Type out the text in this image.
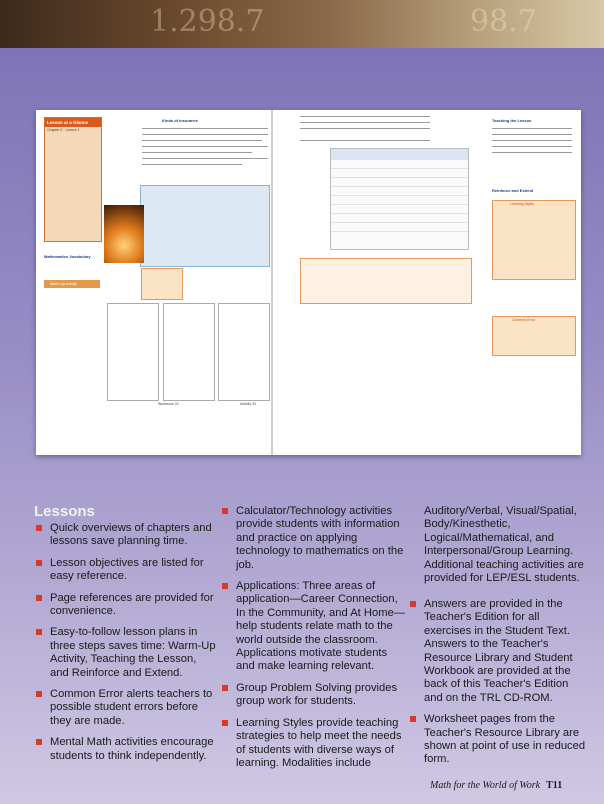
1.298.7	98.7
Lesson at a Glance
Chapter 9 · Lesson 1
Mathematics Vocabulary
Warm-Up Activity
Kinds of Insurance
Workbook 32	Activity 33
Teaching the Lesson
Reinforce and Extend
Learning Styles
Common Error
Lessons
Quick overviews of chapters and lessons save planning time.
Lesson objectives are listed for easy reference.
Page references are provided for convenience.
Easy-to-follow lesson plans in three steps saves time: Warm-Up Activity, Teaching the Lesson, and Reinforce and Extend.
Common Error alerts teachers to possible student errors before they are made.
Mental Math activities encourage students to think independently.
Calculator/Technology activities provide students with information and practice on applying technology to mathematics on the job.
Applications: Three areas of application—Career Connection, In the Community, and At Home—help students relate math to the world outside the classroom. Applications motivate students and make learning relevant.
Group Problem Solving provides group work for students.
Learning Styles provide teaching strategies to help meet the needs of students with diverse ways of learning. Modalities include
Auditory/Verbal, Visual/Spatial, Body/Kinesthetic, Logical/Mathematical, and Interpersonal/Group Learning. Additional teaching activities are provided for LEP/ESL students.
Answers are provided in the Teacher's Edition for all exercises in the Student Text. Answers to the Teacher's Resource Library and Student Workbook are provided at the back of this Teacher's Edition and on the TRL CD-ROM.
Worksheet pages from the Teacher's Resource Library are shown at point of use in reduced form.
Math for the World of Work T11
